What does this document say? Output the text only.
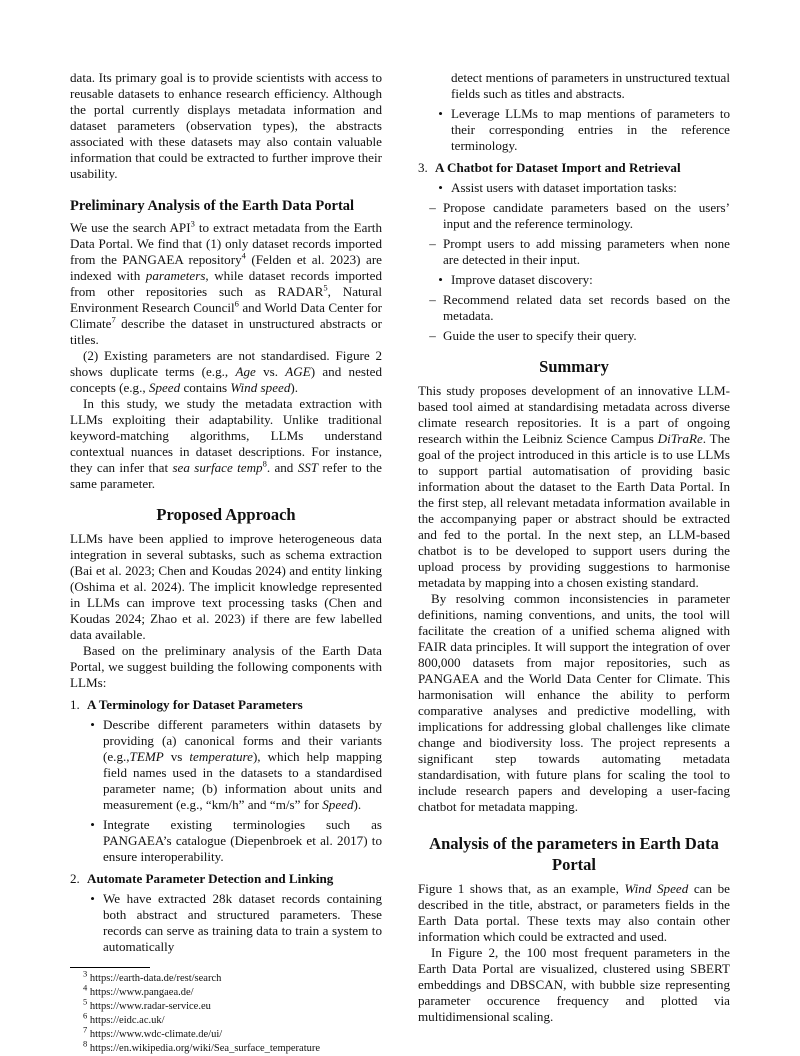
data. Its primary goal is to provide scientists with access to reusable datasets to enhance research efficiency. Although the portal currently displays metadata information and dataset parameters (observation types), the abstracts associated with these datasets may also contain valuable information that could be extracted to further improve their usability.

Preliminary Analysis of the Earth Data Portal

We use the search API$^3$ to extract metadata from the Earth Data Portal. We find that (1) only dataset records imported from the PANGAEA repository$^4$ (Felden et al. 2023) are indexed with parameters, while dataset records imported from other repositories such as RADAR$^5$, Natural Environment Research Council$^6$ and World Data Center for Climate$^7$ describe the dataset in unstructured abstracts or titles.

(2) Existing parameters are not standardised. Figure 2 shows duplicate terms (e.g., Age vs. AGE) and nested concepts (e.g., Speed contains Wind speed).

In this study, we study the metadata extraction with LLMs exploiting their adaptability. Unlike traditional keyword-matching algorithms, LLMs understand contextual nuances in dataset descriptions. For instance, they can infer that sea surface temp$^8$. and SST refer to the same parameter.

Proposed Approach

LLMs have been applied to improve heterogeneous data integration in several subtasks, such as schema extraction (Bai et al. 2023; Chen and Koudas 2024) and entity linking (Oshima et al. 2024). The implicit knowledge represented in LLMs can improve text processing tasks (Chen and Koudas 2024; Zhao et al. 2023) if there are few labelled data available.

Based on the preliminary analysis of the Earth Data Portal, we suggest building the following components with LLMs:

1. A Terminology for Dataset Parameters
• Describe different parameters within datasets by providing (a) canonical forms and their variants (e.g.,TEMP vs temperature), which help mapping field names used in the datasets to a standardised parameter name; (b) information about units and measurement (e.g., “km/h” and “m/s” for Speed).
• Integrate existing terminologies such as PANGAEA’s catalogue (Diepenbroek et al. 2017) to ensure interoperability.
2. Automate Parameter Detection and Linking
• We have extracted 28k dataset records containing both abstract and structured parameters. These records can serve as training data to train a system to automatically
$^3$ https://earth-data.de/rest/search
$^4$ https://www.pangaea.de/
$^5$ https://www.radar-service.eu
$^6$ https://eidc.ac.uk/
$^7$ https://www.wdc-climate.de/ui/
$^8$ https://en.wikipedia.org/wiki/Sea_surface_temperature
detect mentions of parameters in unstructured textual fields such as titles and abstracts.
• Leverage LLMs to map mentions of parameters to their corresponding entries in the reference terminology.
3. A Chatbot for Dataset Import and Retrieval
• Assist users with dataset importation tasks:
– Propose candidate parameters based on the users’ input and the reference terminology.
– Prompt users to add missing parameters when none are detected in their input.
• Improve dataset discovery:
– Recommend related data set records based on the metadata.
– Guide the user to specify their query.
Summary

This study proposes development of an innovative LLM-based tool aimed at standardising metadata across diverse climate research repositories. It is a part of ongoing research within the Leibniz Science Campus DiTraRe. The goal of the project introduced in this article is to use LLMs to support partial automatisation of providing basic information about the dataset to the Earth Data Portal. In the first step, all relevant metadata information available in the accompanying paper or abstract should be extracted and fed to the portal. In the next step, an LLM-based chatbot is to be developed to support users during the upload process by providing suggestions to harmonise metadata by mapping into a chosen existing standard.

By resolving common inconsistencies in parameter definitions, naming conventions, and units, the tool will facilitate the creation of a unified schema aligned with FAIR data principles. It will support the integration of over 800,000 datasets from major repositories, such as PANGAEA and the World Data Center for Climate. This harmonisation will enhance the ability to perform comparative analyses and predictive modelling, with implications for addressing global challenges like climate change and biodiversity loss. The project represents a significant step towards automating metadata standardisation, with future plans for scaling the tool to include research papers and developing a user-facing chatbot for metadata mapping.

Analysis of the parameters in Earth Data Portal

Figure 1 shows that, as an example, Wind Speed can be described in the title, abstract, or parameters fields in the Earth Data portal. These texts may also contain other information which could be extracted and used.

In Figure 2, the 100 most frequent parameters in the Earth Data Portal are visualized, clustered using SBERT embeddings and DBSCAN, with bubble size representing parameter occurence frequency and plotted via multidimensional scaling.
